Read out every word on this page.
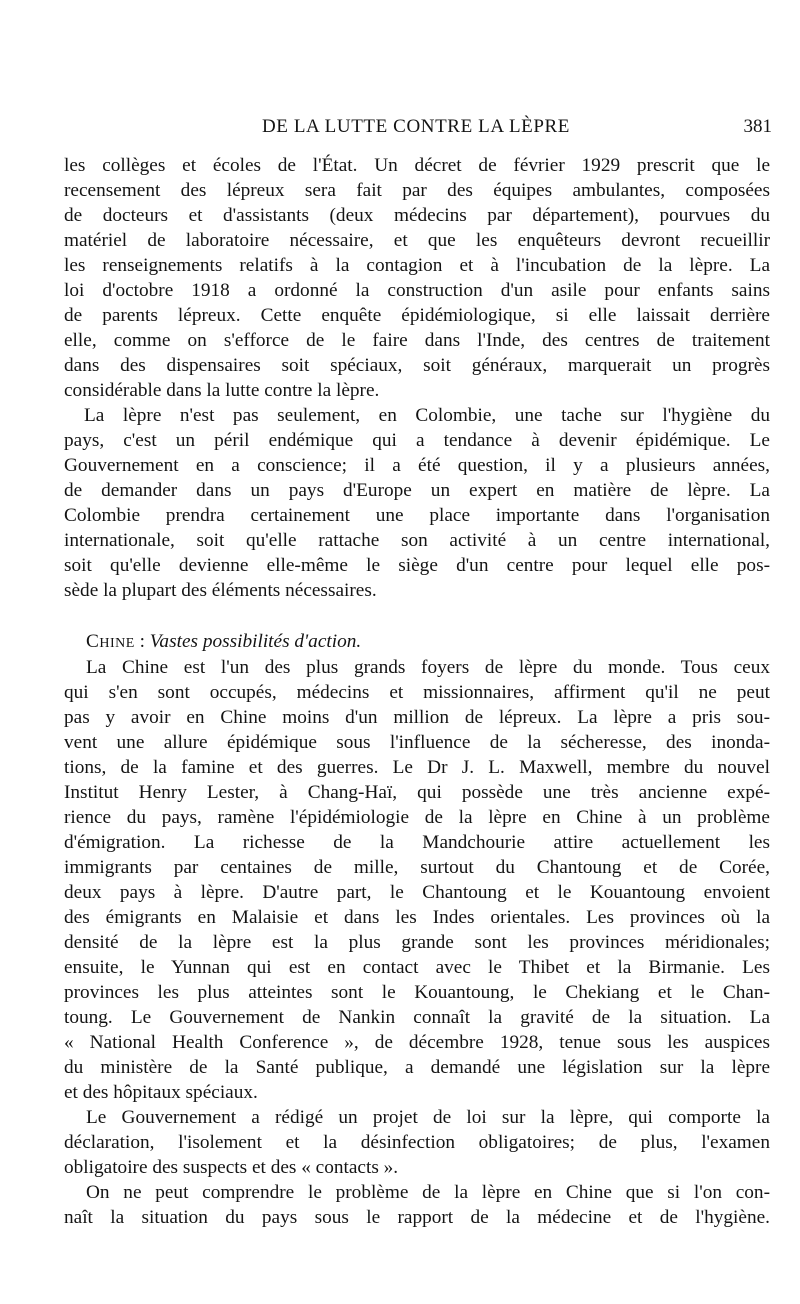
DE LA LUTTE CONTRE LA LÈPRE	381
les collèges et écoles de l'État. Un décret de février 1929 prescrit que le
recensement des lépreux sera fait par des équipes ambulantes, composées
de docteurs et d'assistants (deux médecins par département), pourvues du
matériel de laboratoire nécessaire, et que les enquêteurs devront recueillir
les renseignements relatifs à la contagion et à l'incubation de la lèpre. La
loi d'octobre 1918 a ordonné la construction d'un asile pour enfants sains
de parents lépreux. Cette enquête épidémiologique, si elle laissait derrière
elle, comme on s'efforce de le faire dans l'Inde, des centres de traitement
dans des dispensaires soit spéciaux, soit généraux, marquerait un progrès
considérable dans la lutte contre la lèpre.
La lèpre n'est pas seulement, en Colombie, une tache sur l'hygiène du
pays, c'est un péril endémique qui a tendance à devenir épidémique. Le
Gouvernement en a conscience; il a été question, il y a plusieurs années,
de demander dans un pays d'Europe un expert en matière de lèpre. La
Colombie prendra certainement une place importante dans l'organisation
internationale, soit qu'elle rattache son activité à un centre international,
soit qu'elle devienne elle-même le siège d'un centre pour lequel elle pos-
sède la plupart des éléments nécessaires.
Chine : Vastes possibilités d'action.
La Chine est l'un des plus grands foyers de lèpre du monde. Tous ceux
qui s'en sont occupés, médecins et missionnaires, affirment qu'il ne peut
pas y avoir en Chine moins d'un million de lépreux. La lèpre a pris sou-
vent une allure épidémique sous l'influence de la sécheresse, des inonda-
tions, de la famine et des guerres. Le Dr J. L. Maxwell, membre du nouvel
Institut Henry Lester, à Chang-Haï, qui possède une très ancienne expé-
rience du pays, ramène l'épidémiologie de la lèpre en Chine à un problème
d'émigration. La richesse de la Mandchourie attire actuellement les
immigrants par centaines de mille, surtout du Chantoung et de Corée,
deux pays à lèpre. D'autre part, le Chantoung et le Kouantoung envoient
des émigrants en Malaisie et dans les Indes orientales. Les provinces où la
densité de la lèpre est la plus grande sont les provinces méridionales;
ensuite, le Yunnan qui est en contact avec le Thibet et la Birmanie. Les
provinces les plus atteintes sont le Kouantoung, le Chekiang et le Chan-
toung. Le Gouvernement de Nankin connaît la gravité de la situation. La
« National Health Conference », de décembre 1928, tenue sous les auspices
du ministère de la Santé publique, a demandé une législation sur la lèpre
et des hôpitaux spéciaux.
Le Gouvernement a rédigé un projet de loi sur la lèpre, qui comporte la
déclaration, l'isolement et la désinfection obligatoires; de plus, l'examen
obligatoire des suspects et des « contacts ».
On ne peut comprendre le problème de la lèpre en Chine que si l'on con-
naît la situation du pays sous le rapport de la médecine et de l'hygiène.
